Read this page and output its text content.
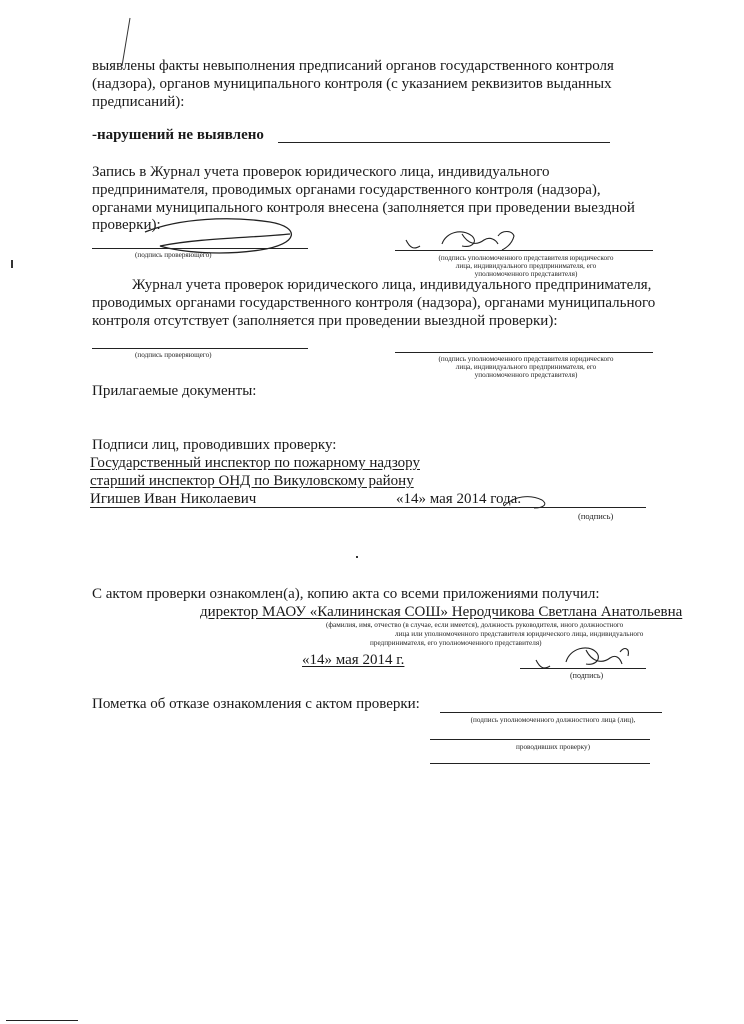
выявлены факты невыполнения предписаний органов государственного контроля
(надзора), органов муниципального контроля (с указанием реквизитов выданных
предписаний):
-нарушений не выявлено
Запись в Журнал учета проверок юридического лица, индивидуального
предпринимателя, проводимых органами государственного контроля (надзора),
органами муниципального контроля внесена (заполняется при проведении выездной
проверки):
(подпись проверяющего)	(подпись уполномоченного представителя юридического
лица, индивидуального предпринимателя, его
уполномоченного представителя)
Журнал учета проверок юридического лица, индивидуального предпринимателя,
проводимых органами государственного контроля (надзора), органами муниципального
контроля отсутствует (заполняется при проведении выездной проверки):
(подпись проверяющего)	(подпись уполномоченного представителя юридического
лица, индивидуального предпринимателя, его
уполномоченного представителя)
Прилагаемые документы:
Подписи лиц, проводивших проверку:
Государственный инспектор по пожарному надзору
старший инспектор ОНД по Викуловскому району
Игишев Иван Николаевич	«14» мая 2014 года.
(подпись)
С актом проверки ознакомлен(а), копию акта со всеми приложениями получил:
директор МАОУ «Калининская СОШ» Неродчикова Светлана Анатольевна
(фамилия, имя, отчество (в случае, если имеется), должность руководителя, иного должностного
лица или уполномоченного представителя юридического лица, индивидуального
предпринимателя, его уполномоченного представителя)
«14» мая 2014 г.
(подпись)
Пометка об отказе ознакомления с актом проверки:
(подпись уполномоченного должностного лица (лиц),
проводивших проверку)
